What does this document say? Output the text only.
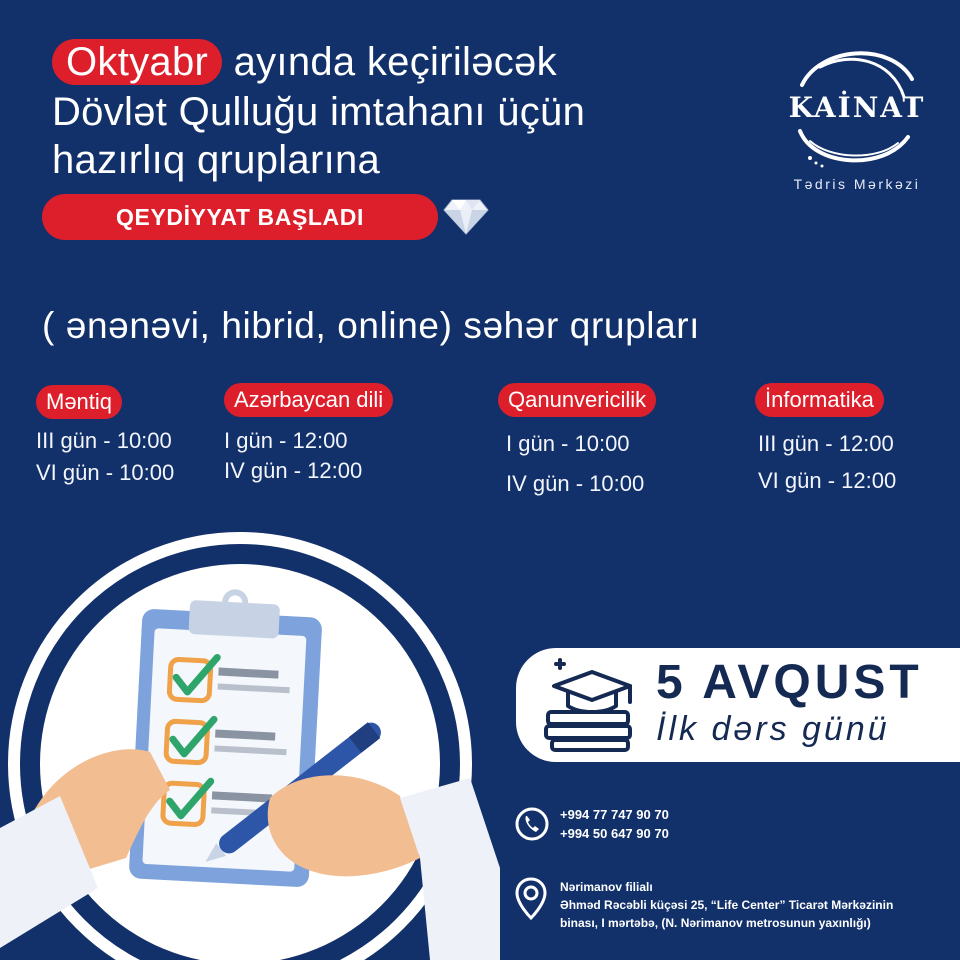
Oktyabr ayında keçiriləcək
Dövlət Qulluğu imtahanı üçün
hazırlıq qruplarına
QEYDİYYAT BAŞLADI
KAİNAT
Tədris Mərkəzi
( ənənəvi, hibrid, online) səhər qrupları
Məntiq
III gün - 10:00
VI gün - 10:00
Azərbaycan dili
I gün - 12:00
IV gün - 12:00
Qanunvericilik
I gün - 10:00
IV gün - 10:00
İnformatika
III gün - 12:00
VI gün - 12:00
5 AVQUST
İlk dərs günü
+994 77 747 90 70
+994 50 647 90 70
Nərimanov filialı
Əhməd Rəcəbli küçəsi 25, “Life Center” Ticarət Mərkəzinin
binası, I mərtəbə, (N. Nərimanov metrosunun yaxınlığı)
